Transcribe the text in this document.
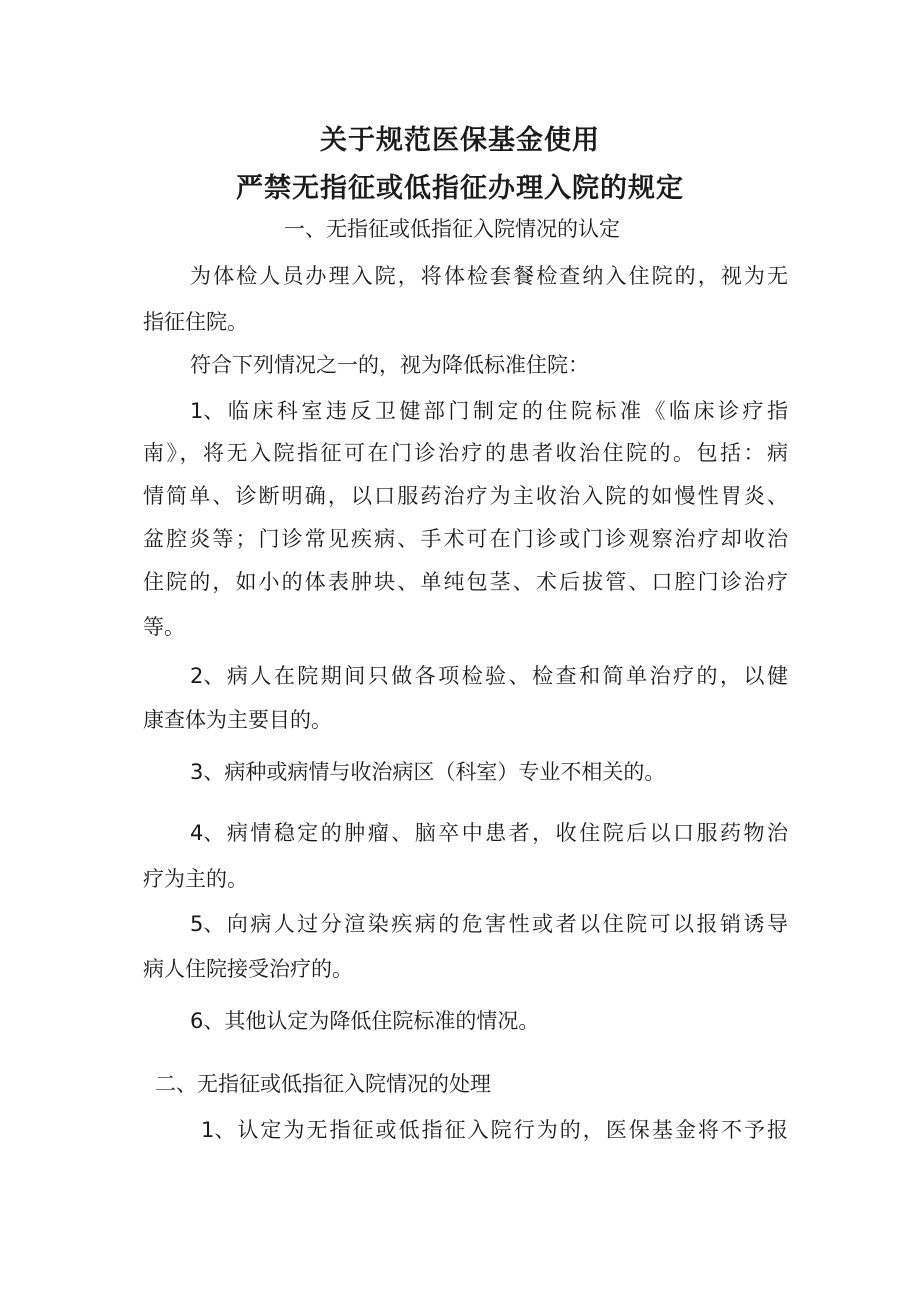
关于规范医保基金使用
严禁无指征或低指征办理入院的规定
一、无指征或低指征入院情况的认定
为体检人员办理入院，将体检套餐检查纳入住院的，视为无
指征住院。
符合下列情况之一的，视为降低标准住院：
1 、临床科室违反卫健部门制定的住院标准《临床诊疗指
南》，将无入院指征可在门诊治疗的患者收治住院的。包括：病
情简单、诊断明确，以口服药治疗为主收治入院的如慢性胃炎、
盆腔炎等；门诊常见疾病、手术可在门诊或门诊观察治疗却收治
住院的，如小的体表肿块、单纯包茎、术后拔管、口腔门诊治疗
等。
2 、病人在院期间只做各项检验、检查和简单治疗的，以健
康查体为主要目的。
3、病种或病情与收治病区（科室）专业不相关的。
4 、病情稳定的肿瘤、脑卒中患者，收住院后以口服药物治
疗为主的。
5 、向病人过分渲染疾病的危害性或者以住院可以报销诱导
病人住院接受治疗的。
6、其他认定为降低住院标准的情况。
二、无指征或低指征入院情况的处理
1 、认定为无指征或低指征入院行为的，医保基金将不予报
